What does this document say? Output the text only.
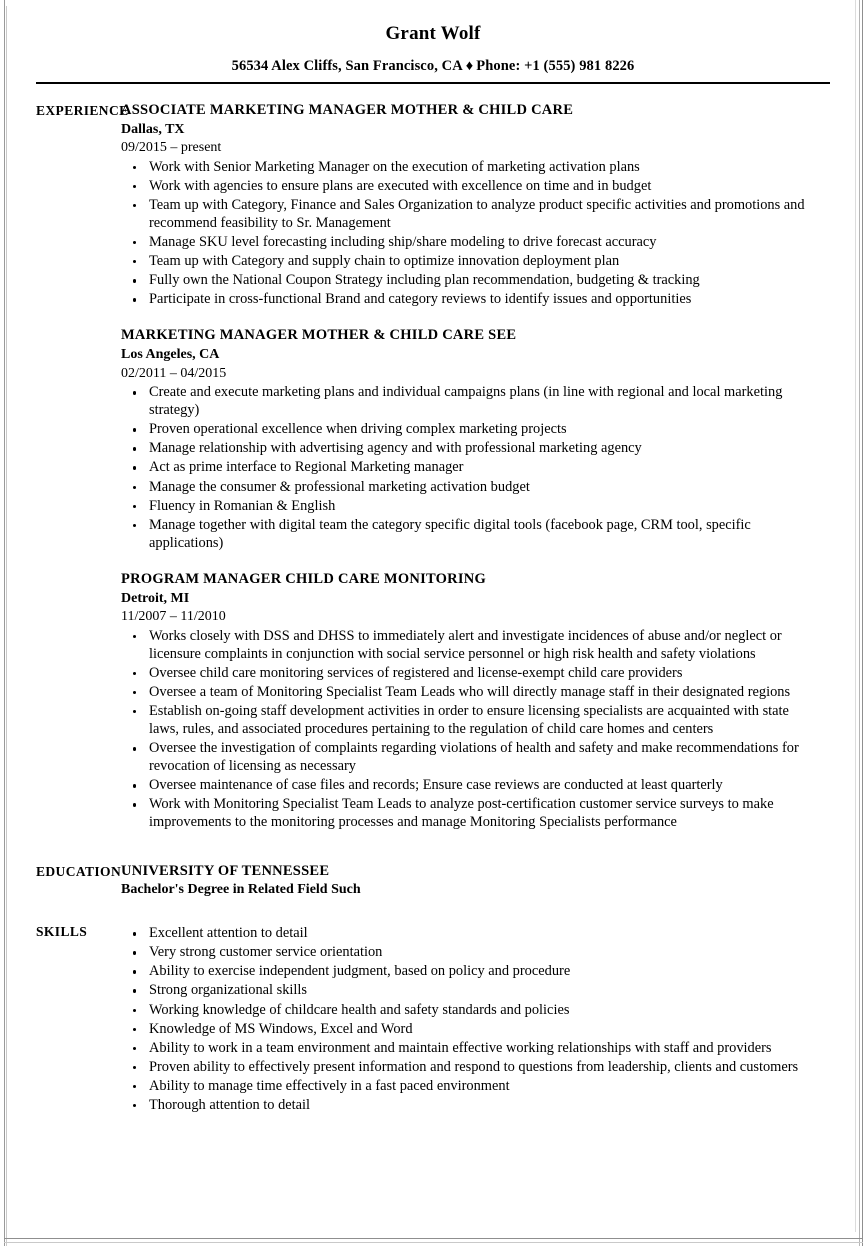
Grant Wolf
56534 Alex Cliffs, San Francisco, CA ♦ Phone: +1 (555) 981 8226
EXPERIENCE
ASSOCIATE MARKETING MANAGER MOTHER & CHILD CARE
Dallas, TX
09/2015 – present
Work with Senior Marketing Manager on the execution of marketing activation plans
Work with agencies to ensure plans are executed with excellence on time and in budget
Team up with Category, Finance and Sales Organization to analyze product specific activities and promotions and recommend feasibility to Sr. Management
Manage SKU level forecasting including ship/share modeling to drive forecast accuracy
Team up with Category and supply chain to optimize innovation deployment plan
Fully own the National Coupon Strategy including plan recommendation, budgeting & tracking
Participate in cross-functional Brand and category reviews to identify issues and opportunities
MARKETING MANAGER MOTHER & CHILD CARE SEE
Los Angeles, CA
02/2011 – 04/2015
Create and execute marketing plans and individual campaigns plans (in line with regional and local marketing strategy)
Proven operational excellence when driving complex marketing projects
Manage relationship with advertising agency and with professional marketing agency
Act as prime interface to Regional Marketing manager
Manage the consumer & professional marketing activation budget
Fluency in Romanian & English
Manage together with digital team the category specific digital tools (facebook page, CRM tool, specific applications)
PROGRAM MANAGER CHILD CARE MONITORING
Detroit, MI
11/2007 – 11/2010
Works closely with DSS and DHSS to immediately alert and investigate incidences of abuse and/or neglect or licensure complaints in conjunction with social service personnel or high risk health and safety violations
Oversee child care monitoring services of registered and license-exempt child care providers
Oversee a team of Monitoring Specialist Team Leads who will directly manage staff in their designated regions
Establish on-going staff development activities in order to ensure licensing specialists are acquainted with state laws, rules, and associated procedures pertaining to the regulation of child care homes and centers
Oversee the investigation of complaints regarding violations of health and safety and make recommendations for revocation of licensing as necessary
Oversee maintenance of case files and records; Ensure case reviews are conducted at least quarterly
Work with Monitoring Specialist Team Leads to analyze post-certification customer service surveys to make improvements to the monitoring processes and manage Monitoring Specialists performance
EDUCATION UNIVERSITY OF TENNESSEE
Bachelor's Degree in Related Field Such
SKILLS	Excellent attention to detail
Very strong customer service orientation
Ability to exercise independent judgment, based on policy and procedure
Strong organizational skills
Working knowledge of childcare health and safety standards and policies
Knowledge of MS Windows, Excel and Word
Ability to work in a team environment and maintain effective working relationships with staff and providers
Proven ability to effectively present information and respond to questions from leadership, clients and customers
Ability to manage time effectively in a fast paced environment
Thorough attention to detail
